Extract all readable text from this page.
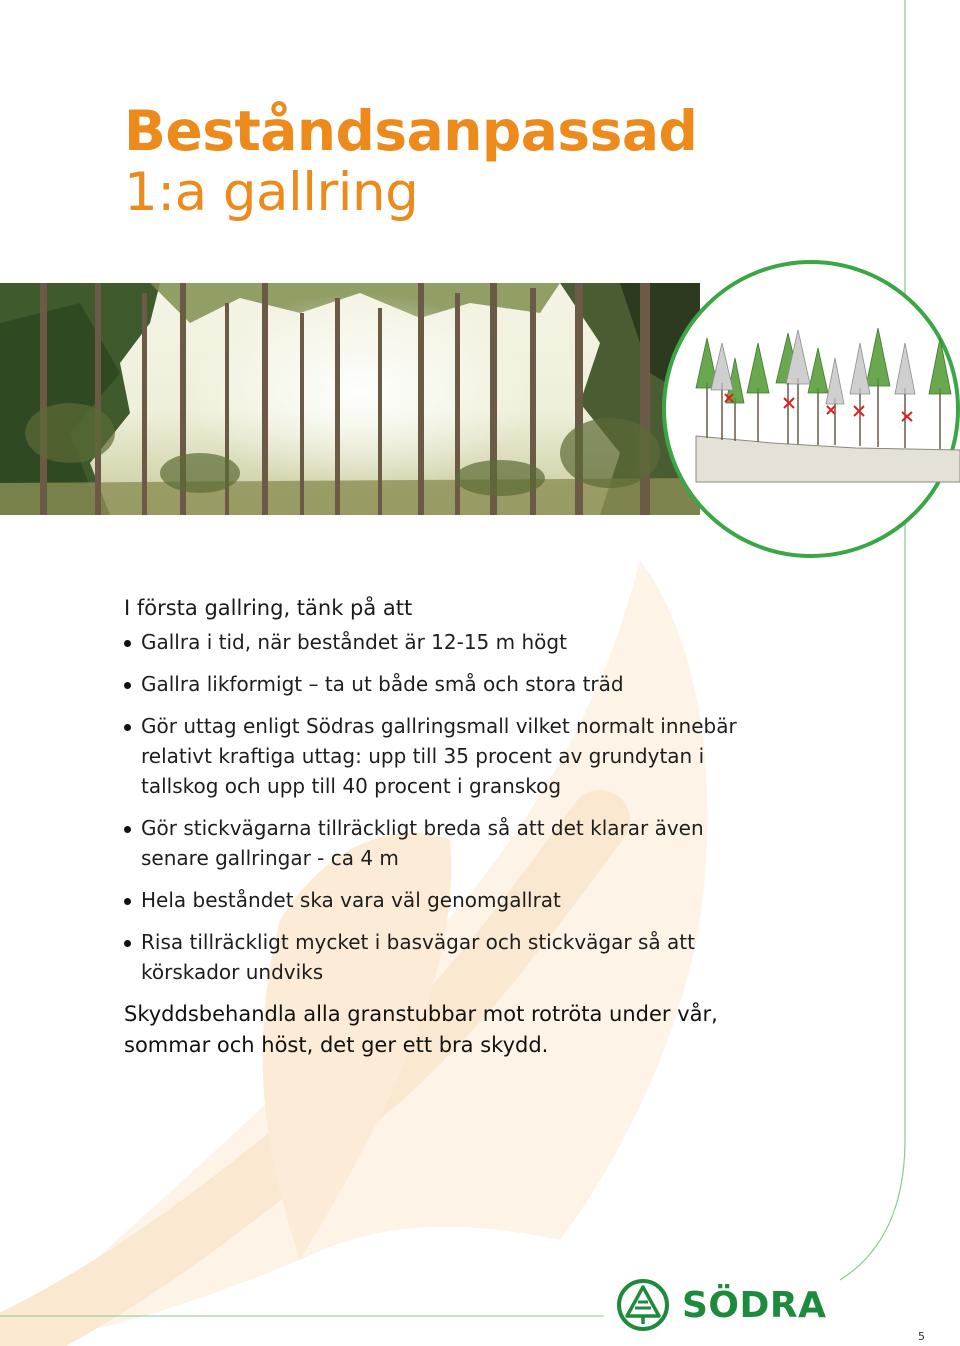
Beståndsanpassad
1:a gallring

I första gallring, tänk på att

Gallra i tid, när beståndet är 12-15 m högt
Gallra likformigt – ta ut både små och stora träd
Gör uttag enligt Södras gallringsmall vilket normalt innebär relativt kraftiga uttag: upp till 35 procent av grundytan i tallskog och upp till 40 procent i granskog
Gör stickvägarna tillräckligt breda så att det klarar även senare gallringar - ca 4 m
Hela beståndet ska vara väl genomgallrat
Risa tillräckligt mycket i basvägar och stickvägar så att körskador undviks
Skyddsbehandla alla granstubbar mot rotröta under vår, sommar och höst, det ger ett bra skydd.
SÖDRA
5
